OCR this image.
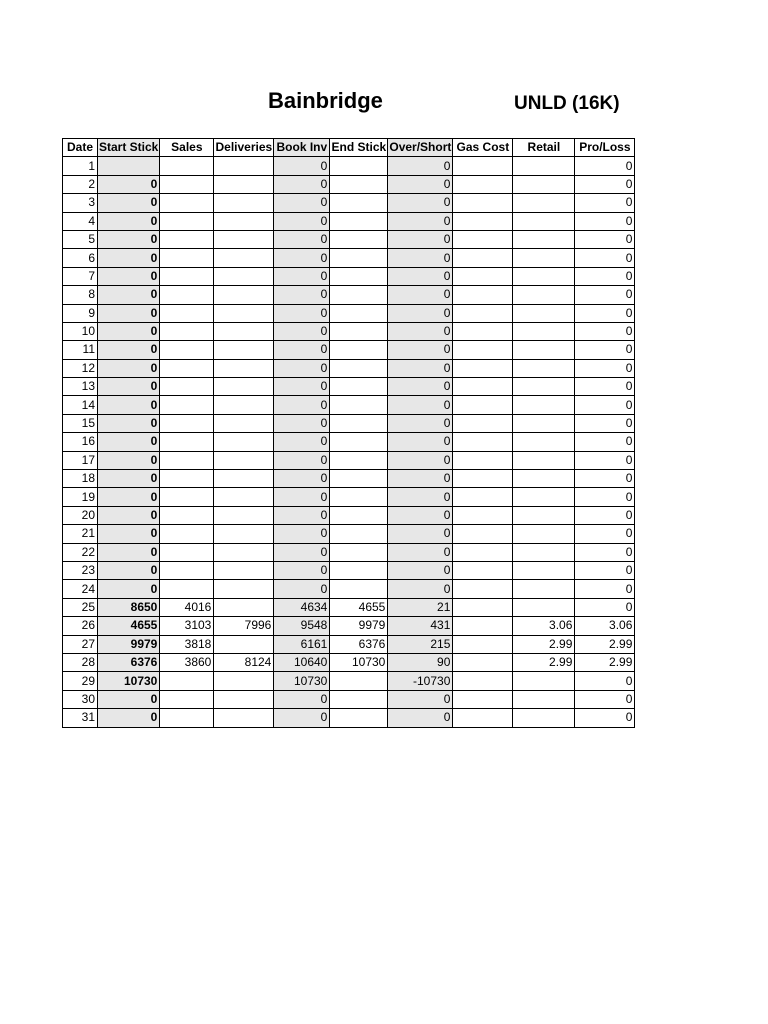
Bainbridge	UNLD (16K)
Date	Start Stick	Sales	Deliveries	Book Inv	End Stick	Over/Short	Gas Cost	Retail	Pro/Loss
1				0		0			0
2	0			0		0			0
3	0			0		0			0
4	0			0		0			0
5	0			0		0			0
6	0			0		0			0
7	0			0		0			0
8	0			0		0			0
9	0			0		0			0
10	0			0		0			0
11	0			0		0			0
12	0			0		0			0
13	0			0		0			0
14	0			0		0			0
15	0			0		0			0
16	0			0		0			0
17	0			0		0			0
18	0			0		0			0
19	0			0		0			0
20	0			0		0			0
21	0			0		0			0
22	0			0		0			0
23	0			0		0			0
24	0			0		0			0
25	8650	4016		4634	4655	21			0
26	4655	3103	7996	9548	9979	431		3.06	3.06
27	9979	3818		6161	6376	215		2.99	2.99
28	6376	3860	8124	10640	10730	90		2.99	2.99
29	10730			10730		-10730			0
30	0			0		0			0
31	0			0		0			0
